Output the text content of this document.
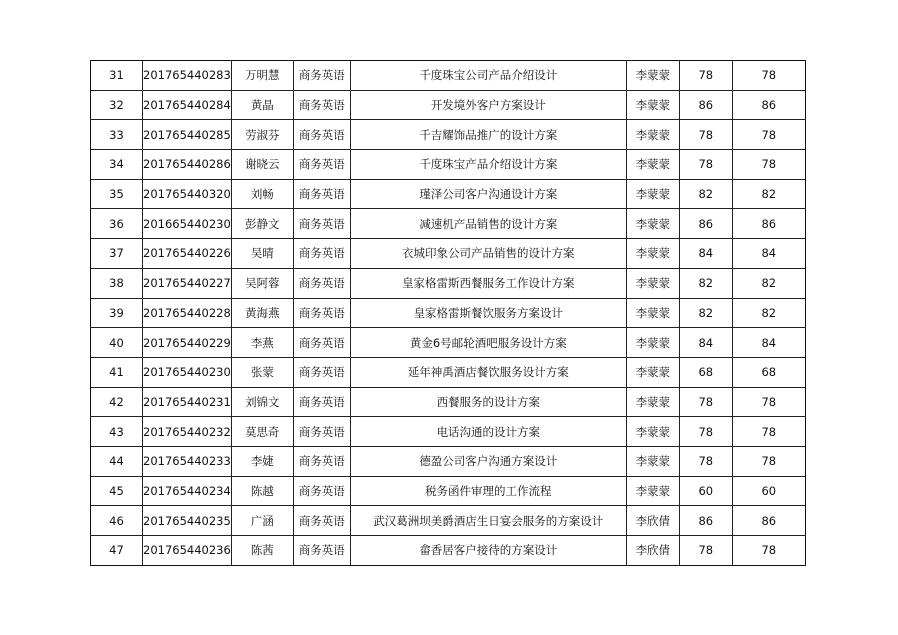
31	201765440283	万明慧	商务英语	千度珠宝公司产品介绍设计	李蒙蒙	78	78
32	201765440284	黄晶	商务英语	开发境外客户方案设计	李蒙蒙	86	86
33	201765440285	劳淑芬	商务英语	千吉耀饰品推广的设计方案	李蒙蒙	78	78
34	201765440286	谢晓云	商务英语	千度珠宝产品介绍设计方案	李蒙蒙	78	78
35	201765440320	刘畅	商务英语	瑾泽公司客户沟通设计方案	李蒙蒙	82	82
36	201665440230	彭静文	商务英语	减速机产品销售的设计方案	李蒙蒙	86	86
37	201765440226	吴晴	商务英语	衣城印象公司产品销售的设计方案	李蒙蒙	84	84
38	201765440227	吴阿蓉	商务英语	皇家格雷斯西餐服务工作设计方案	李蒙蒙	82	82
39	201765440228	黄海燕	商务英语	皇家格雷斯餐饮服务方案设计	李蒙蒙	82	82
40	201765440229	李燕	商务英语	黄金6号邮轮酒吧服务设计方案	李蒙蒙	84	84
41	201765440230	张蒙	商务英语	延年神禹酒店餐饮服务设计方案	李蒙蒙	68	68
42	201765440231	刘锦文	商务英语	西餐服务的设计方案	李蒙蒙	78	78
43	201765440232	莫思奇	商务英语	电话沟通的设计方案	李蒙蒙	78	78
44	201765440233	李婕	商务英语	德盈公司客户沟通方案设计	李蒙蒙	78	78
45	201765440234	陈越	商务英语	税务函件审理的工作流程	李蒙蒙	60	60
46	201765440235	广涵	商务英语	武汉葛洲坝美爵酒店生日宴会服务的方案设计	李欣倩	86	86
47	201765440236	陈茜	商务英语	畲香居客户接待的方案设计	李欣倩	78	78
